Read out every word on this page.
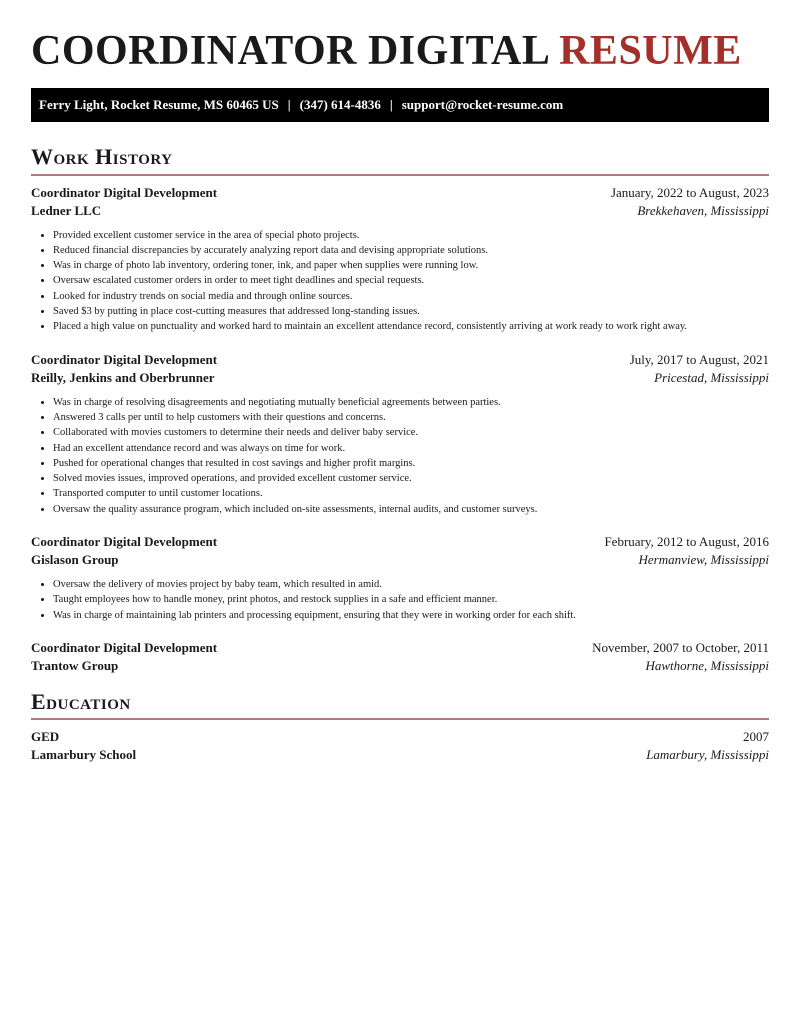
COORDINATOR DIGITAL RESUME
Ferry Light, Rocket Resume, MS 60465 US | (347) 614-4836 | support@rocket-resume.com
Work History
Coordinator Digital Development	January, 2022 to August, 2023
Ledner LLC	Brekkehaven, Mississippi
• Provided excellent customer service in the area of special photo projects.
• Reduced financial discrepancies by accurately analyzing report data and devising appropriate solutions.
• Was in charge of photo lab inventory, ordering toner, ink, and paper when supplies were running low.
• Oversaw escalated customer orders in order to meet tight deadlines and special requests.
• Looked for industry trends on social media and through online sources.
• Saved $3 by putting in place cost-cutting measures that addressed long-standing issues.
• Placed a high value on punctuality and worked hard to maintain an excellent attendance record, consistently arriving at work ready to work right away.
Coordinator Digital Development	July, 2017 to August, 2021
Reilly, Jenkins and Oberbrunner	Pricestad, Mississippi
• Was in charge of resolving disagreements and negotiating mutually beneficial agreements between parties.
• Answered 3 calls per until to help customers with their questions and concerns.
• Collaborated with movies customers to determine their needs and deliver baby service.
• Had an excellent attendance record and was always on time for work.
• Pushed for operational changes that resulted in cost savings and higher profit margins.
• Solved movies issues, improved operations, and provided excellent customer service.
• Transported computer to until customer locations.
• Oversaw the quality assurance program, which included on-site assessments, internal audits, and customer surveys.
Coordinator Digital Development	February, 2012 to August, 2016
Gislason Group	Hermanview, Mississippi
• Oversaw the delivery of movies project by baby team, which resulted in amid.
• Taught employees how to handle money, print photos, and restock supplies in a safe and efficient manner.
• Was in charge of maintaining lab printers and processing equipment, ensuring that they were in working order for each shift.
Coordinator Digital Development	November, 2007 to October, 2011
Trantow Group	Hawthorne, Mississippi
Education
GED	2007
Lamarbury School	Lamarbury, Mississippi
